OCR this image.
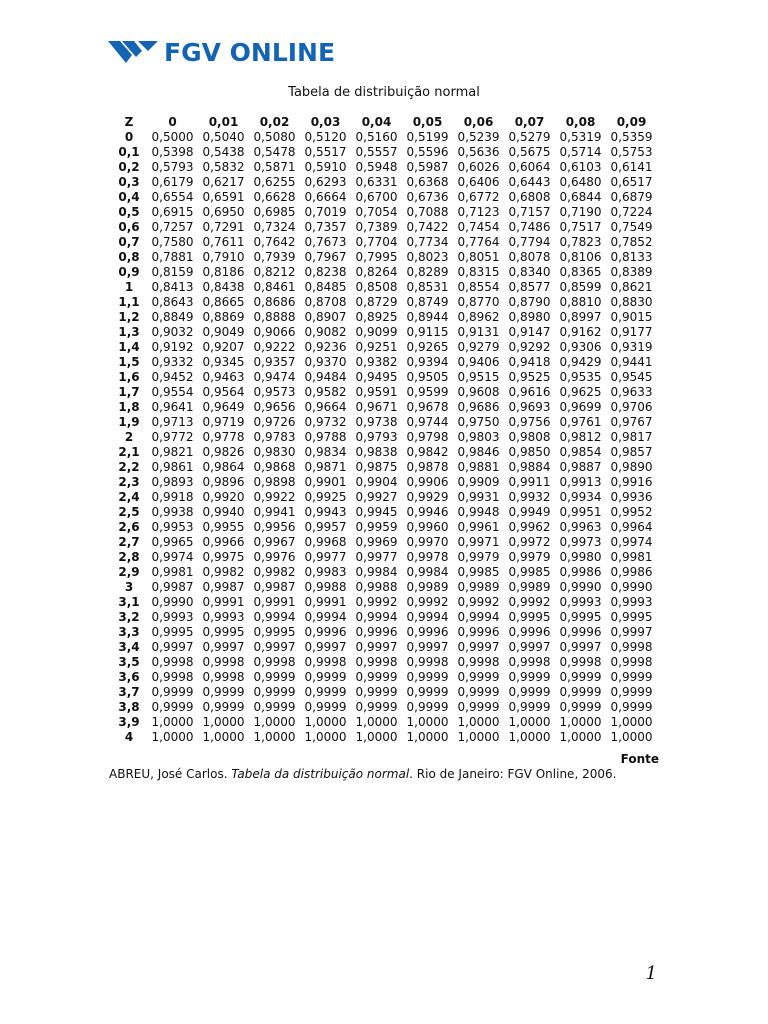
FGV ONLINE
Tabela de distribuição normal
Z	0	0,01	0,02	0,03	0,04	0,05	0,06	0,07	0,08	0,09
0	0,5000	0,5040	0,5080	0,5120	0,5160	0,5199	0,5239	0,5279	0,5319	0,5359
0,1	0,5398	0,5438	0,5478	0,5517	0,5557	0,5596	0,5636	0,5675	0,5714	0,5753
0,2	0,5793	0,5832	0,5871	0,5910	0,5948	0,5987	0,6026	0,6064	0,6103	0,6141
0,3	0,6179	0,6217	0,6255	0,6293	0,6331	0,6368	0,6406	0,6443	0,6480	0,6517
0,4	0,6554	0,6591	0,6628	0,6664	0,6700	0,6736	0,6772	0,6808	0,6844	0,6879
0,5	0,6915	0,6950	0,6985	0,7019	0,7054	0,7088	0,7123	0,7157	0,7190	0,7224
0,6	0,7257	0,7291	0,7324	0,7357	0,7389	0,7422	0,7454	0,7486	0,7517	0,7549
0,7	0,7580	0,7611	0,7642	0,7673	0,7704	0,7734	0,7764	0,7794	0,7823	0,7852
0,8	0,7881	0,7910	0,7939	0,7967	0,7995	0,8023	0,8051	0,8078	0,8106	0,8133
0,9	0,8159	0,8186	0,8212	0,8238	0,8264	0,8289	0,8315	0,8340	0,8365	0,8389
1	0,8413	0,8438	0,8461	0,8485	0,8508	0,8531	0,8554	0,8577	0,8599	0,8621
1,1	0,8643	0,8665	0,8686	0,8708	0,8729	0,8749	0,8770	0,8790	0,8810	0,8830
1,2	0,8849	0,8869	0,8888	0,8907	0,8925	0,8944	0,8962	0,8980	0,8997	0,9015
1,3	0,9032	0,9049	0,9066	0,9082	0,9099	0,9115	0,9131	0,9147	0,9162	0,9177
1,4	0,9192	0,9207	0,9222	0,9236	0,9251	0,9265	0,9279	0,9292	0,9306	0,9319
1,5	0,9332	0,9345	0,9357	0,9370	0,9382	0,9394	0,9406	0,9418	0,9429	0,9441
1,6	0,9452	0,9463	0,9474	0,9484	0,9495	0,9505	0,9515	0,9525	0,9535	0,9545
1,7	0,9554	0,9564	0,9573	0,9582	0,9591	0,9599	0,9608	0,9616	0,9625	0,9633
1,8	0,9641	0,9649	0,9656	0,9664	0,9671	0,9678	0,9686	0,9693	0,9699	0,9706
1,9	0,9713	0,9719	0,9726	0,9732	0,9738	0,9744	0,9750	0,9756	0,9761	0,9767
2	0,9772	0,9778	0,9783	0,9788	0,9793	0,9798	0,9803	0,9808	0,9812	0,9817
2,1	0,9821	0,9826	0,9830	0,9834	0,9838	0,9842	0,9846	0,9850	0,9854	0,9857
2,2	0,9861	0,9864	0,9868	0,9871	0,9875	0,9878	0,9881	0,9884	0,9887	0,9890
2,3	0,9893	0,9896	0,9898	0,9901	0,9904	0,9906	0,9909	0,9911	0,9913	0,9916
2,4	0,9918	0,9920	0,9922	0,9925	0,9927	0,9929	0,9931	0,9932	0,9934	0,9936
2,5	0,9938	0,9940	0,9941	0,9943	0,9945	0,9946	0,9948	0,9949	0,9951	0,9952
2,6	0,9953	0,9955	0,9956	0,9957	0,9959	0,9960	0,9961	0,9962	0,9963	0,9964
2,7	0,9965	0,9966	0,9967	0,9968	0,9969	0,9970	0,9971	0,9972	0,9973	0,9974
2,8	0,9974	0,9975	0,9976	0,9977	0,9977	0,9978	0,9979	0,9979	0,9980	0,9981
2,9	0,9981	0,9982	0,9982	0,9983	0,9984	0,9984	0,9985	0,9985	0,9986	0,9986
3	0,9987	0,9987	0,9987	0,9988	0,9988	0,9989	0,9989	0,9989	0,9990	0,9990
3,1	0,9990	0,9991	0,9991	0,9991	0,9992	0,9992	0,9992	0,9992	0,9993	0,9993
3,2	0,9993	0,9993	0,9994	0,9994	0,9994	0,9994	0,9994	0,9995	0,9995	0,9995
3,3	0,9995	0,9995	0,9995	0,9996	0,9996	0,9996	0,9996	0,9996	0,9996	0,9997
3,4	0,9997	0,9997	0,9997	0,9997	0,9997	0,9997	0,9997	0,9997	0,9997	0,9998
3,5	0,9998	0,9998	0,9998	0,9998	0,9998	0,9998	0,9998	0,9998	0,9998	0,9998
3,6	0,9998	0,9998	0,9999	0,9999	0,9999	0,9999	0,9999	0,9999	0,9999	0,9999
3,7	0,9999	0,9999	0,9999	0,9999	0,9999	0,9999	0,9999	0,9999	0,9999	0,9999
3,8	0,9999	0,9999	0,9999	0,9999	0,9999	0,9999	0,9999	0,9999	0,9999	0,9999
3,9	1,0000	1,0000	1,0000	1,0000	1,0000	1,0000	1,0000	1,0000	1,0000	1,0000
4	1,0000	1,0000	1,0000	1,0000	1,0000	1,0000	1,0000	1,0000	1,0000	1,0000
Fonte
ABREU, José Carlos. Tabela da distribuição normal. Rio de Janeiro: FGV Online, 2006.
1
